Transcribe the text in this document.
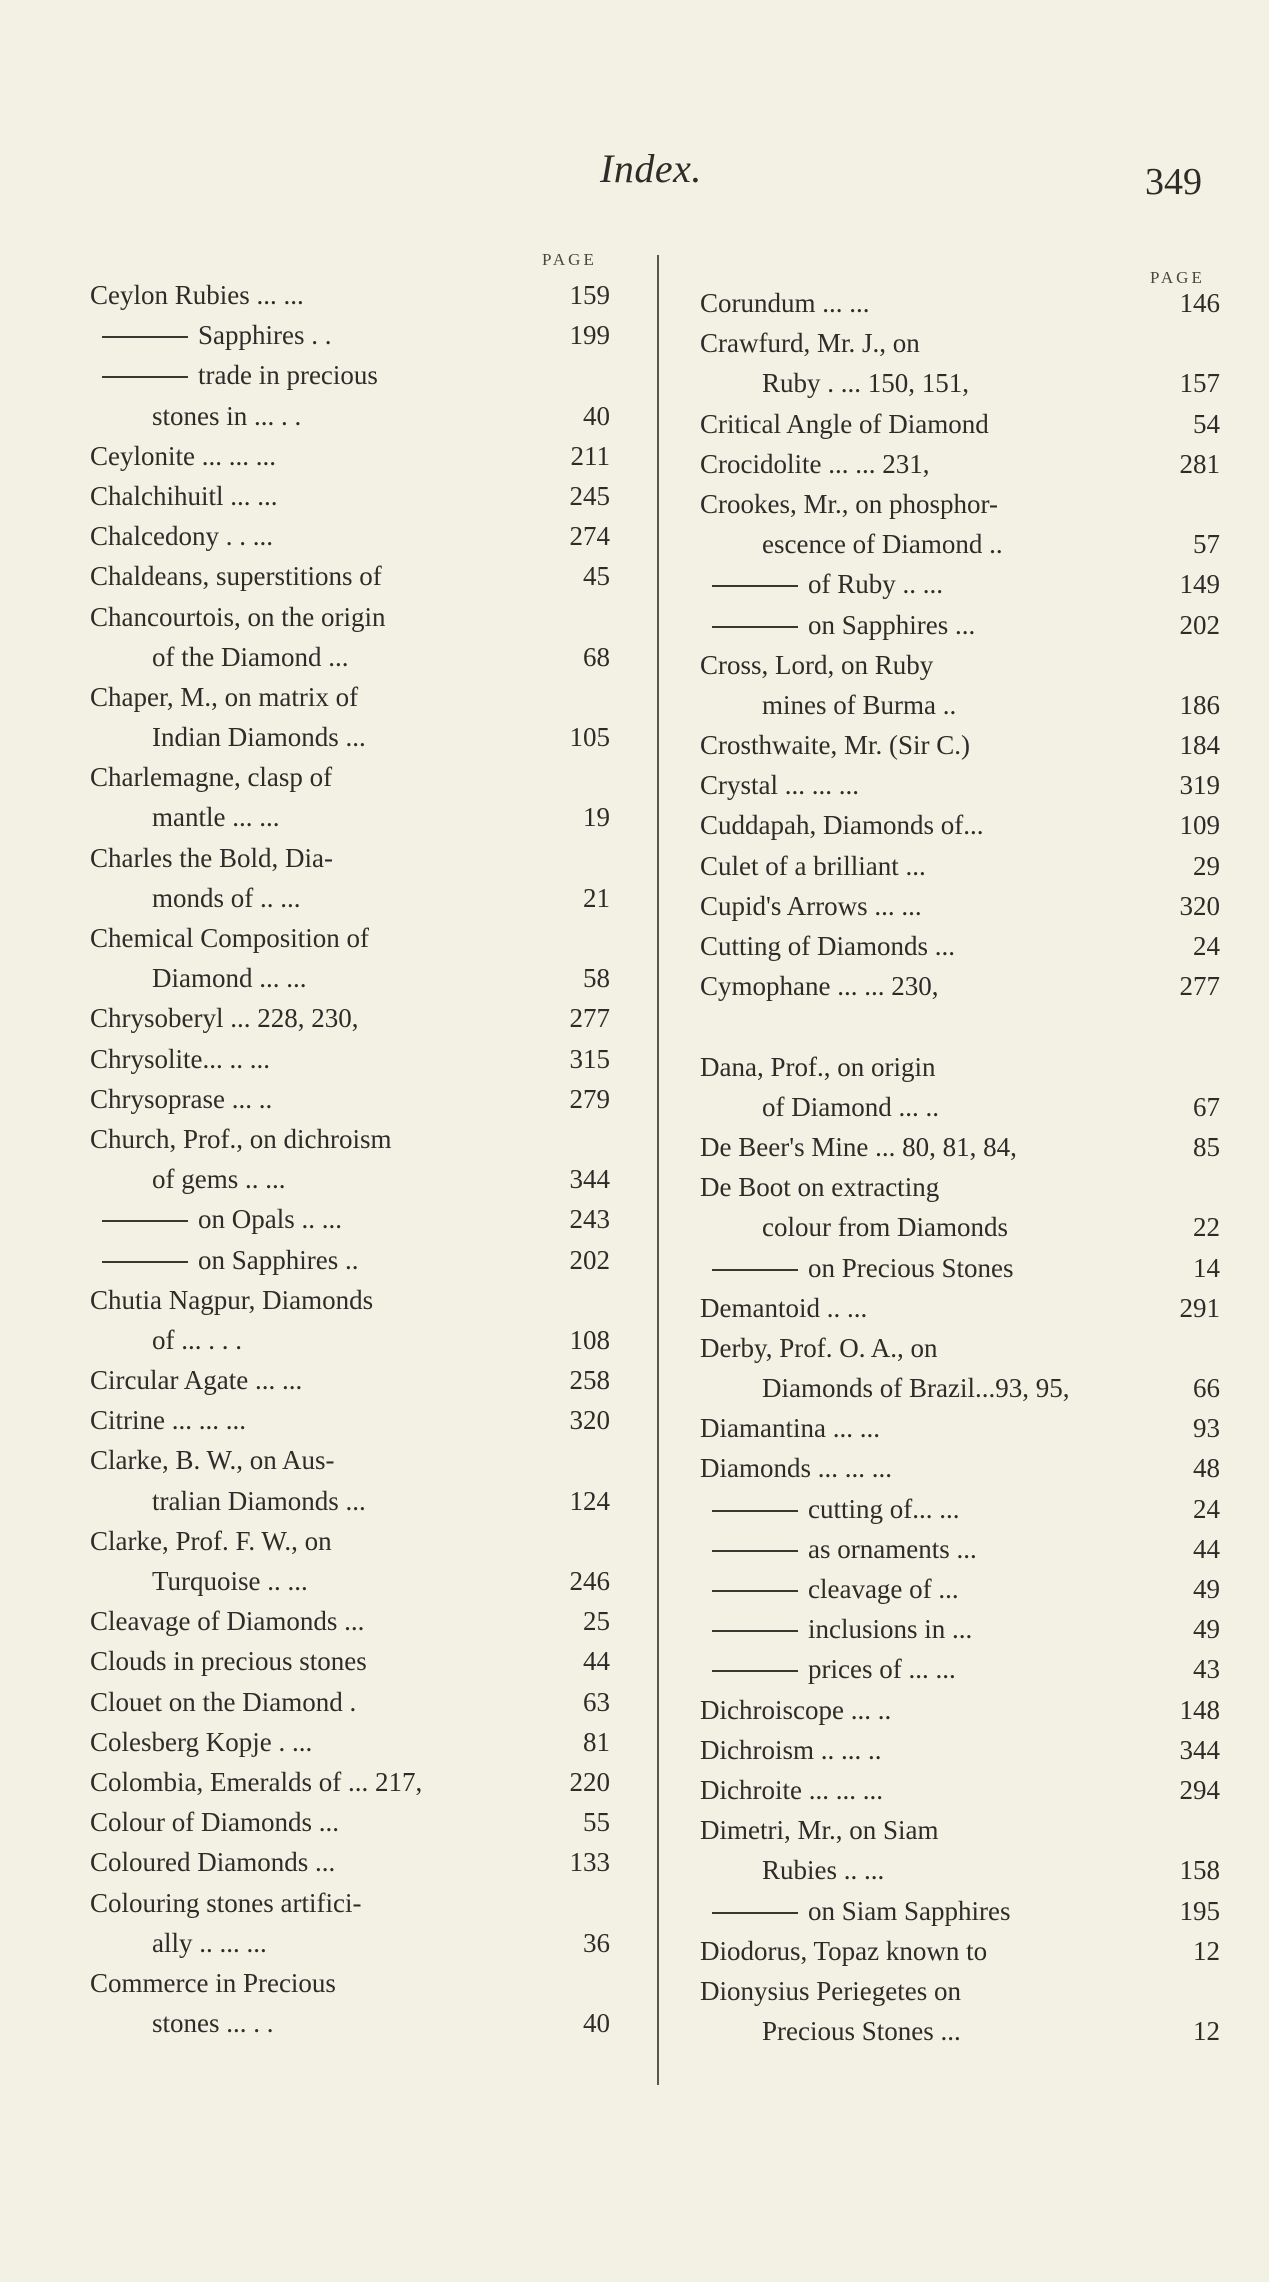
Index.	349
PAGE
Ceylon Rubies ... ...	159
Sapphires . .	199
trade in precious
stones in ... . .	40
Ceylonite ... ... ...	211
Chalchihuitl ... ...	245
Chalcedony . . ...	274
Chaldeans, superstitions of	45
Chancourtois, on the origin
of the Diamond ...	68
Chaper, M., on matrix of
Indian Diamonds ...	105
Charlemagne, clasp of
mantle ... ...	19
Charles the Bold, Dia-
monds of .. ...	21
Chemical Composition of
Diamond ... ...	58
Chrysoberyl ... 228, 230,	277
Chrysolite... .. ...	315
Chrysoprase ... ..	279
Church, Prof., on dichroism
of gems .. ...	344
on Opals .. ...	243
on Sapphires ..	202
Chutia Nagpur, Diamonds
of ... . . .	108
Circular Agate ... ...	258
Citrine ... ... ...	320
Clarke, B. W., on Aus-
tralian Diamonds ...	124
Clarke, Prof. F. W., on
Turquoise .. ...	246
Cleavage of Diamonds ...	25
Clouds in precious stones	44
Clouet on the Diamond .	63
Colesberg Kopje . ...	81
Colombia, Emeralds of ... 217,	220
Colour of Diamonds ...	55
Coloured Diamonds ...	133
Colouring stones artifici-
ally .. ... ...	36
Commerce in Precious
stones ... . .	40
PAGE
Corundum ... ...	146
Crawfurd, Mr. J., on
Ruby . ... 150, 151,	157
Critical Angle of Diamond	54
Crocidolite ... ... 231,	281
Crookes, Mr., on phosphor-
escence of Diamond ..	57
of Ruby .. ...	149
on Sapphires ...	202
Cross, Lord, on Ruby
mines of Burma ..	186
Crosthwaite, Mr. (Sir C.)	184
Crystal ... ... ...	319
Cuddapah, Diamonds of...	109
Culet of a brilliant ...	29
Cupid's Arrows ... ...	320
Cutting of Diamonds ...	24
Cymophane ... ... 230,	277
Dana, Prof., on origin
of Diamond ... ..	67
De Beer's Mine ... 80, 81, 84,	85
De Boot on extracting
colour from Diamonds	22
on Precious Stones	14
Demantoid .. ...	291
Derby, Prof. O. A., on
Diamonds of Brazil...93, 95,	66
Diamantina ... ...	93
Diamonds ... ... ...	48
cutting of... ...	24
as ornaments ...	44
cleavage of ...	49
inclusions in ...	49
prices of ... ...	43
Dichroiscope ... ..	148
Dichroism .. ... ..	344
Dichroite ... ... ...	294
Dimetri, Mr., on Siam
Rubies .. ...	158
on Siam Sapphires	195
Diodorus, Topaz known to	12
Dionysius Periegetes on
Precious Stones ...	12
